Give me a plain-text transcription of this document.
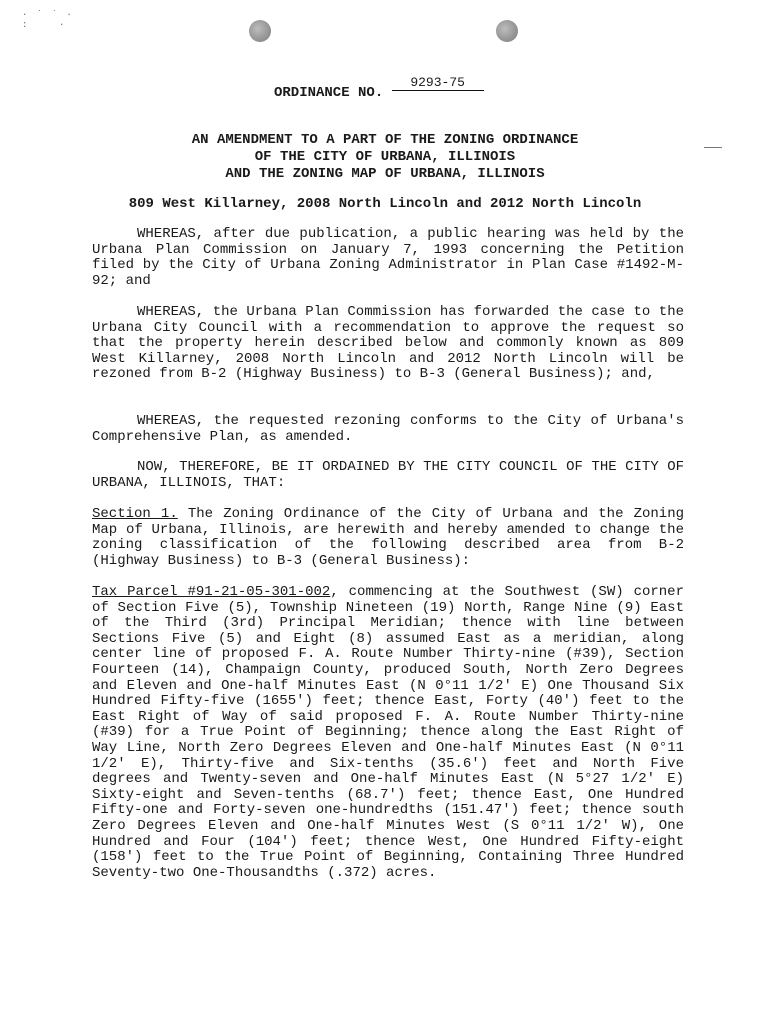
· ˙ ˙ ·
:    ·
ORDINANCE NO. 9293-75
AN AMENDMENT TO A PART OF THE ZONING ORDINANCE
OF THE CITY OF URBANA, ILLINOIS
AND THE ZONING MAP OF URBANA, ILLINOIS
809 West Killarney, 2008 North Lincoln and 2012 North Lincoln

WHEREAS, after due publication, a public hearing was held by the Urbana Plan Commission on January 7, 1993 concerning the Petition filed by the City of Urbana Zoning Administrator in Plan Case #1492-M-92; and

WHEREAS, the Urbana Plan Commission has forwarded the case to the Urbana City Council with a recommendation to approve the request so that the property herein described below and commonly known as 809 West Killarney, 2008 North Lincoln and 2012 North Lincoln will be rezoned from B-2 (Highway Business) to B-3 (General Business); and,

WHEREAS, the requested rezoning conforms to the City of Urbana's Comprehensive Plan, as amended.

NOW, THEREFORE, BE IT ORDAINED BY THE CITY COUNCIL OF THE CITY OF URBANA, ILLINOIS, THAT:

Section 1. The Zoning Ordinance of the City of Urbana and the Zoning Map of Urbana, Illinois, are herewith and hereby amended to change the zoning classification of the following described area from B-2 (Highway Business) to B-3 (General Business):

Tax Parcel #91-21-05-301-002, commencing at the Southwest (SW) corner of Section Five (5), Township Nineteen (19) North, Range Nine (9) East of the Third (3rd) Principal Meridian; thence with line between Sections Five (5) and Eight (8) assumed East as a meridian, along center line of proposed F. A. Route Number Thirty-nine (#39), Section Fourteen (14), Champaign County, produced South, North Zero Degrees and Eleven and One-half Minutes East (N 0°11 1/2' E) One Thousand Six Hundred Fifty-five (1655') feet; thence East, Forty (40') feet to the East Right of Way of said proposed F. A. Route Number Thirty-nine (#39) for a True Point of Beginning; thence along the East Right of Way Line, North Zero Degrees Eleven and One-half Minutes East (N 0°11 1/2' E), Thirty-five and Six-tenths (35.6') feet and North Five degrees and Twenty-seven and One-half Minutes East (N 5°27 1/2' E) Sixty-eight and Seven-tenths (68.7') feet; thence East, One Hundred Fifty-one and Forty-seven one-hundredths (151.47') feet; thence south Zero Degrees Eleven and One-half Minutes West (S 0°11 1/2' W), One Hundred and Four (104') feet; thence West, One Hundred Fifty-eight (158') feet to the True Point of Beginning, Containing Three Hundred Seventy-two One-Thousandths (.372) acres.
